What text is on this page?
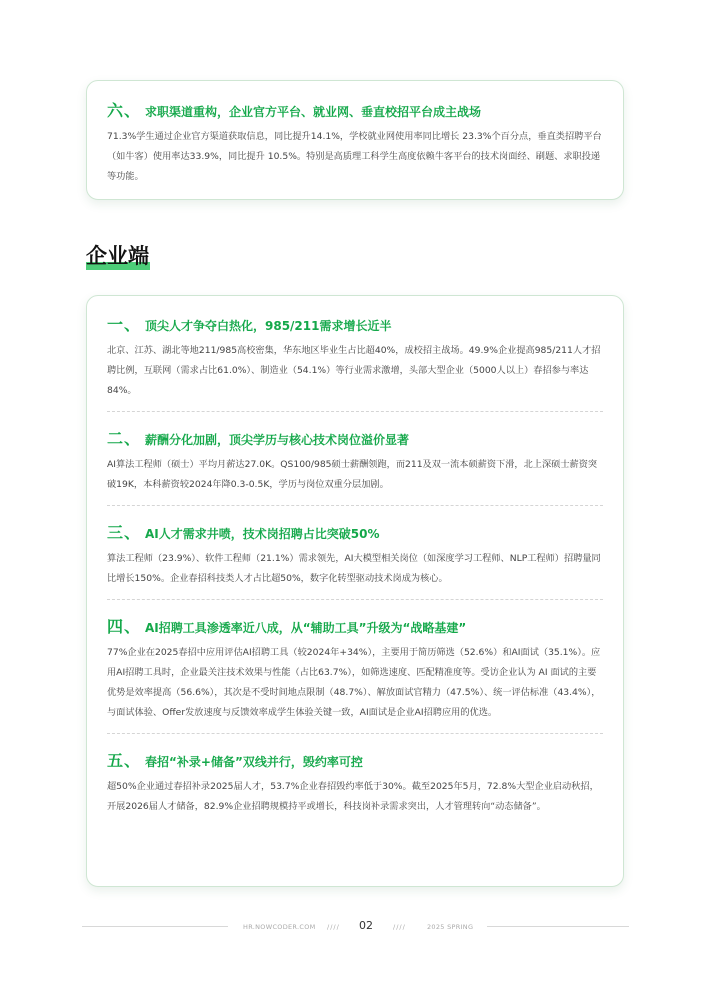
六、 求职渠道重构，企业官方平台、就业网、垂直校招平台成主战场
71.3%学生通过企业官方渠道获取信息，同比提升14.1%，学校就业网使用率同比增长 23.3%个百分点，垂直类招聘平台（如牛客）使用率达33.9%，同比提升 10.5%。特别是高质理工科学生高度依赖牛客平台的技术岗面经、刷题、求职投递等功能。
企业端
一、 顶尖人才争夺白热化，985/211需求增长近半
北京、江苏、湖北等地211/985高校密集，华东地区毕业生占比超40%，成校招主战场。49.9%企业提高985/211人才招聘比例，互联网（需求占比61.0%）、制造业（54.1%）等行业需求激增，头部大型企业（5000人以上）春招参与率达84%。
二、 薪酬分化加剧，顶尖学历与核心技术岗位溢价显著
AI算法工程师（硕士）平均月薪达27.0K。QS100/985硕士薪酬领跑，而211及双一流本硕薪资下滑，北上深硕士薪资突破19K，本科薪资较2024年降0.3-0.5K，学历与岗位双重分层加剧。
三、 AI人才需求井喷，技术岗招聘占比突破50%
算法工程师（23.9%）、软件工程师（21.1%）需求领先，AI大模型相关岗位（如深度学习工程师、NLP工程师）招聘量同比增长150%。企业春招科技类人才占比超50%，数字化转型驱动技术岗成为核心。
四、 AI招聘工具渗透率近八成，从“辅助工具”升级为“战略基建”
77%企业在2025春招中应用评估AI招聘工具（较2024年+34%），主要用于简历筛选（52.6%）和AI面试（35.1%）。应用AI招聘工具时，企业最关注技术效果与性能（占比63.7%），如筛选速度、匹配精准度等。受访企业认为 AI 面试的主要优势是效率提高（56.6%），其次是不受时间地点限制（48.7%）、解放面试官精力（47.5%）、统一评估标准（43.4%），与面试体验、Offer发放速度与反馈效率成学生体验关键一致，AI面试是企业AI招聘应用的优选。
五、 春招“补录+储备”双线并行，毁约率可控
超50%企业通过春招补录2025届人才，53.7%企业春招毁约率低于30%。截至2025年5月，72.8%大型企业启动秋招，开展2026届人才储备，82.9%企业招聘规模持平或增长，科技岗补录需求突出，人才管理转向“动态储备”。
HR.NOWCODER.COM //// 02	////	2025 SPRING
